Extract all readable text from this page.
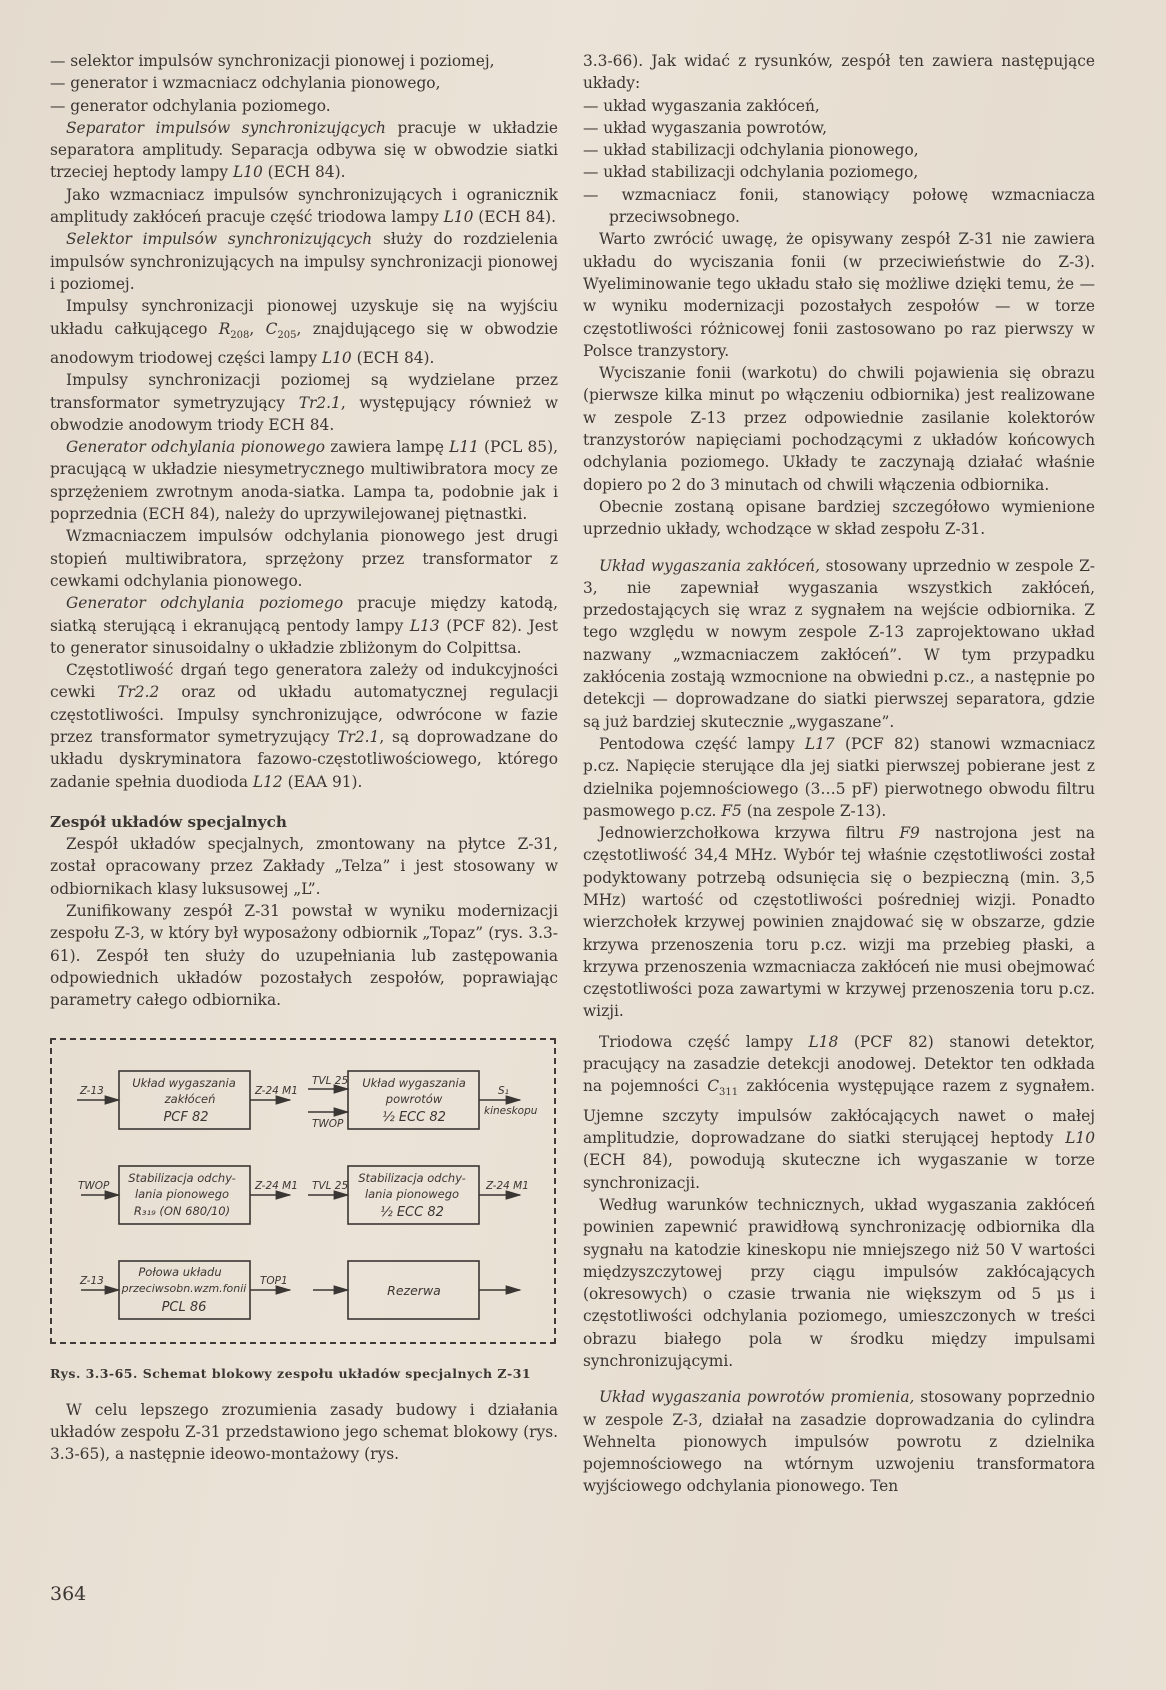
— selektor impulsów synchronizacji pionowej i poziomej,

— generator i wzmacniacz odchylania pionowego,

— generator odchylania poziomego.

Separator impulsów synchronizujących pracuje w układzie separatora amplitudy. Separacja odbywa się w obwodzie siatki trzeciej heptody lampy L10 (ECH 84).

Jako wzmacniacz impulsów synchronizujących i ogranicznik amplitudy zakłóceń pracuje część triodowa lampy L10 (ECH 84).

Selektor impulsów synchronizujących służy do rozdzielenia impulsów synchronizujących na impulsy synchronizacji pionowej i poziomej.

Impulsy synchronizacji pionowej uzyskuje się na wyjściu układu całkującego $R_{208}$, $C_{205}$, znajdującego się w obwodzie anodowym triodowej części lampy L10 (ECH 84).

Impulsy synchronizacji poziomej są wydzielane przez transformator symetryzujący Tr2.1, występujący również w obwodzie anodowym triody ECH 84.

Generator odchylania pionowego zawiera lampę L11 (PCL 85), pracującą w układzie niesymetrycznego multiwibratora mocy ze sprzężeniem zwrotnym anoda-siatka. Lampa ta, podobnie jak i poprzednia (ECH 84), należy do uprzywilejowanej piętnastki.

Wzmacniaczem impulsów odchylania pionowego jest drugi stopień multiwibratora, sprzężony przez transformator z cewkami odchylania pionowego.

Generator odchylania poziomego pracuje między katodą, siatką sterującą i ekranującą pentody lampy L13 (PCF 82). Jest to generator sinusoidalny o układzie zbliżonym do Colpittsa.

Częstotliwość drgań tego generatora zależy od indukcyjności cewki Tr2.2 oraz od układu automatycznej regulacji częstotliwości. Impulsy synchronizujące, odwrócone w fazie przez transformator symetryzujący Tr2.1, są doprowadzane do układu dyskryminatora fazowo-częstotliwościowego, którego zadanie spełnia duodioda L12 (EAA 91).

Zespół układów specjalnych

Zespół układów specjalnych, zmontowany na płytce Z-31, został opracowany przez Zakłady „Telza” i jest stosowany w odbiornikach klasy luksusowej „L”.

Zunifikowany zespół Z-31 powstał w wyniku modernizacji zespołu Z-3, w który był wyposażony odbiornik „Topaz” (rys. 3.3-61). Zespół ten służy do uzupełniania lub zastępowania odpowiednich układów pozostałych zespołów, poprawiając parametry całego odbiornika.

Układ wygaszania
zakłóceń
PCF 82
Układ wygaszania
powrotów
½ ECC 82
Stabilizacja odchy-
lania pionowego
R₃₁₉ (ON 680/10)
Stabilizacja odchy-
lania pionowego
½ ECC 82
Połowa układu
przeciwsobn.wzm.fonii
PCL 86
Rezerwa
Z-13	Z-24 M1
TVL 25
TWOP
S₁
kineskopu
TWOP	Z-24 M1 TVL 25	Z-24 M1
Z-13	TOP1

Rys. 3.3-65. Schemat blokowy zespołu układów specjalnych Z-31

W celu lepszego zrozumienia zasady budowy i działania układów zespołu Z-31 przedstawiono jego schemat blokowy (rys. 3.3-65), a następnie ideowo-montażowy (rys.

3.3-66). Jak widać z rysunków, zespół ten zawiera następujące układy:

— układ wygaszania zakłóceń,

— układ wygaszania powrotów,

— układ stabilizacji odchylania pionowego,

— układ stabilizacji odchylania poziomego,

— wzmacniacz fonii, stanowiący połowę wzmacniacza przeciwsobnego.

Warto zwrócić uwagę, że opisywany zespół Z-31 nie zawiera układu do wyciszania fonii (w przeciwieństwie do Z-3). Wyeliminowanie tego układu stało się możliwe dzięki temu, że — w wyniku modernizacji pozostałych zespołów — w torze częstotliwości różnicowej fonii zastosowano po raz pierwszy w Polsce tranzystory.

Wyciszanie fonii (warkotu) do chwili pojawienia się obrazu (pierwsze kilka minut po włączeniu odbiornika) jest realizowane w zespole Z-13 przez odpowiednie zasilanie kolektorów tranzystorów napięciami pochodzącymi z układów końcowych odchylania poziomego. Układy te zaczynają działać właśnie dopiero po 2 do 3 minutach od chwili włączenia odbiornika.

Obecnie zostaną opisane bardziej szczegółowo wymienione uprzednio układy, wchodzące w skład zespołu Z-31.

Układ wygaszania zakłóceń, stosowany uprzednio w zespole Z-3, nie zapewniał wygaszania wszystkich zakłóceń, przedostających się wraz z sygnałem na wejście odbiornika. Z tego względu w nowym zespole Z-13 zaprojektowano układ nazwany „wzmacniaczem zakłóceń”. W tym przypadku zakłócenia zostają wzmocnione na obwiedni p.cz., a następnie po detekcji — doprowadzane do siatki pierwszej separatora, gdzie są już bardziej skutecznie „wygaszane”.

Pentodowa część lampy L17 (PCF 82) stanowi wzmacniacz p.cz. Napięcie sterujące dla jej siatki pierwszej pobierane jest z dzielnika pojemnościowego (3…5 pF) pierwotnego obwodu filtru pasmowego p.cz. F5 (na zespole Z-13).

Jednowierzchołkowa krzywa filtru F9 nastrojona jest na częstotliwość 34,4 MHz. Wybór tej właśnie częstotliwości został podyktowany potrzebą odsunięcia się o bezpieczną (min. 3,5 MHz) wartość od częstotliwości pośredniej wizji. Ponadto wierzchołek krzywej powinien znajdować się w obszarze, gdzie krzywa przenoszenia toru p.cz. wizji ma przebieg płaski, a krzywa przenoszenia wzmacniacza zakłóceń nie musi obejmować częstotliwości poza zawartymi w krzywej przenoszenia toru p.cz. wizji.

Triodowa część lampy L18 (PCF 82) stanowi detektor, pracujący na zasadzie detekcji anodowej. Detektor ten odkłada na pojemności $C_{311}$ zakłócenia występujące razem z sygnałem. Ujemne szczyty impulsów zakłócających nawet o małej amplitudzie, doprowadzane do siatki sterującej heptody L10 (ECH 84), powodują skuteczne ich wygaszanie w torze synchronizacji.

Według warunków technicznych, układ wygaszania zakłóceń powinien zapewnić prawidłową synchronizację odbiornika dla sygnału na katodzie kineskopu nie mniejszego niż 50 V wartości międzyszczytowej przy ciągu impulsów zakłócających (okresowych) o czasie trwania nie większym od 5 µs i częstotliwości odchylania poziomego, umieszczonych w treści obrazu białego pola w środku między impulsami synchronizującymi.

Układ wygaszania powrotów promienia, stosowany poprzednio w zespole Z-3, działał na zasadzie doprowadzania do cylindra Wehnelta pionowych impulsów powrotu z dzielnika pojemnościowego na wtórnym uzwojeniu transformatora wyjściowego odchylania pionowego. Ten

364
